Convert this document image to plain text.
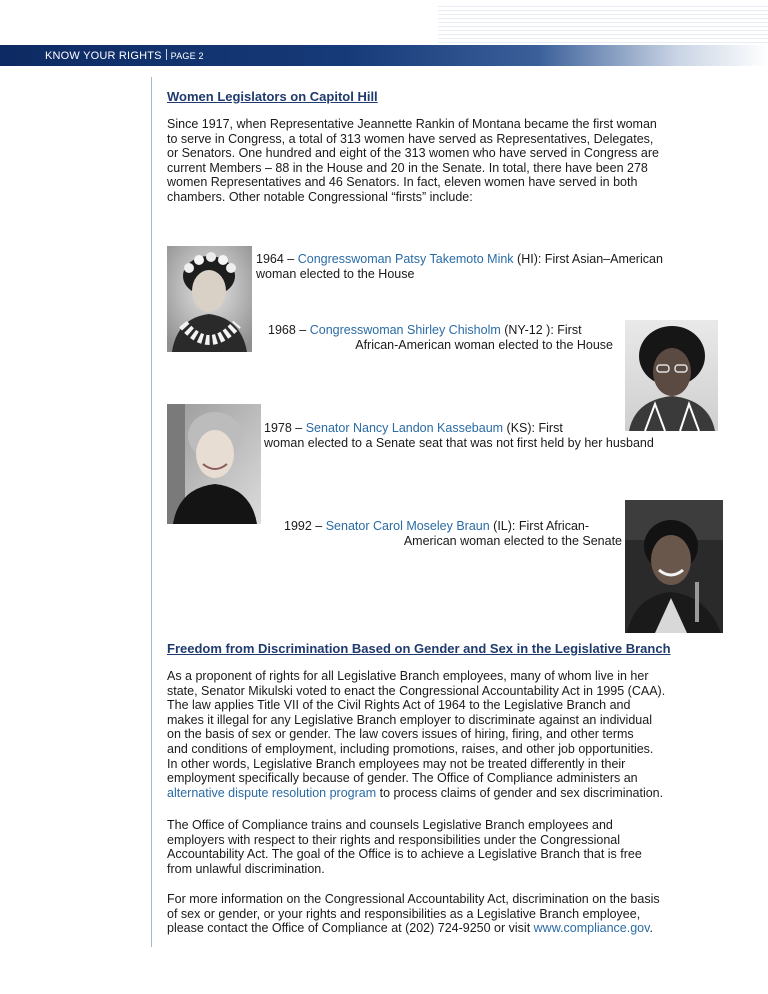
KNOW YOUR RIGHTS PAGE 2
Women Legislators on Capitol Hill
Since 1917, when Representative Jeannette Rankin of Montana became the first woman
to serve in Congress, a total of 313 women have served as Representatives, Delegates,
or Senators. One hundred and eight of the 313 women who have served in Congress are
current Members – 88 in the House and 20 in the Senate. In total, there have been 278
women Representatives and 46 Senators. In fact, eleven women have served in both
chambers. Other notable Congressional “firsts” include:
1964 – Congresswoman Patsy Takemoto Mink (HI): First Asian–American
woman elected to the House
1968 – Congresswoman Shirley Chisholm (NY-12 ): First
African-American woman elected to the House
1978 – Senator Nancy Landon Kassebaum (KS): First
woman elected to a Senate seat that was not first held by her husband
1992 – Senator Carol Moseley Braun (IL): First African-
American woman elected to the Senate
Freedom from Discrimination Based on Gender and Sex in the Legislative Branch
As a proponent of rights for all Legislative Branch employees, many of whom live in her
state, Senator Mikulski voted to enact the Congressional Accountability Act in 1995 (CAA).
The law applies Title VII of the Civil Rights Act of 1964 to the Legislative Branch and
makes it illegal for any Legislative Branch employer to discriminate against an individual
on the basis of sex or gender. The law covers issues of hiring, firing, and other terms
and conditions of employment, including promotions, raises, and other job opportunities.
In other words, Legislative Branch employees may not be treated differently in their
employment specifically because of gender. The Office of Compliance administers an
alternative dispute resolution program to process claims of gender and sex discrimination.
The Office of Compliance trains and counsels Legislative Branch employees and
employers with respect to their rights and responsibilities under the Congressional
Accountability Act. The goal of the Office is to achieve a Legislative Branch that is free
from unlawful discrimination.
For more information on the Congressional Accountability Act, discrimination on the basis
of sex or gender, or your rights and responsibilities as a Legislative Branch employee,
please contact the Office of Compliance at (202) 724-9250 or visit www.compliance.gov.
